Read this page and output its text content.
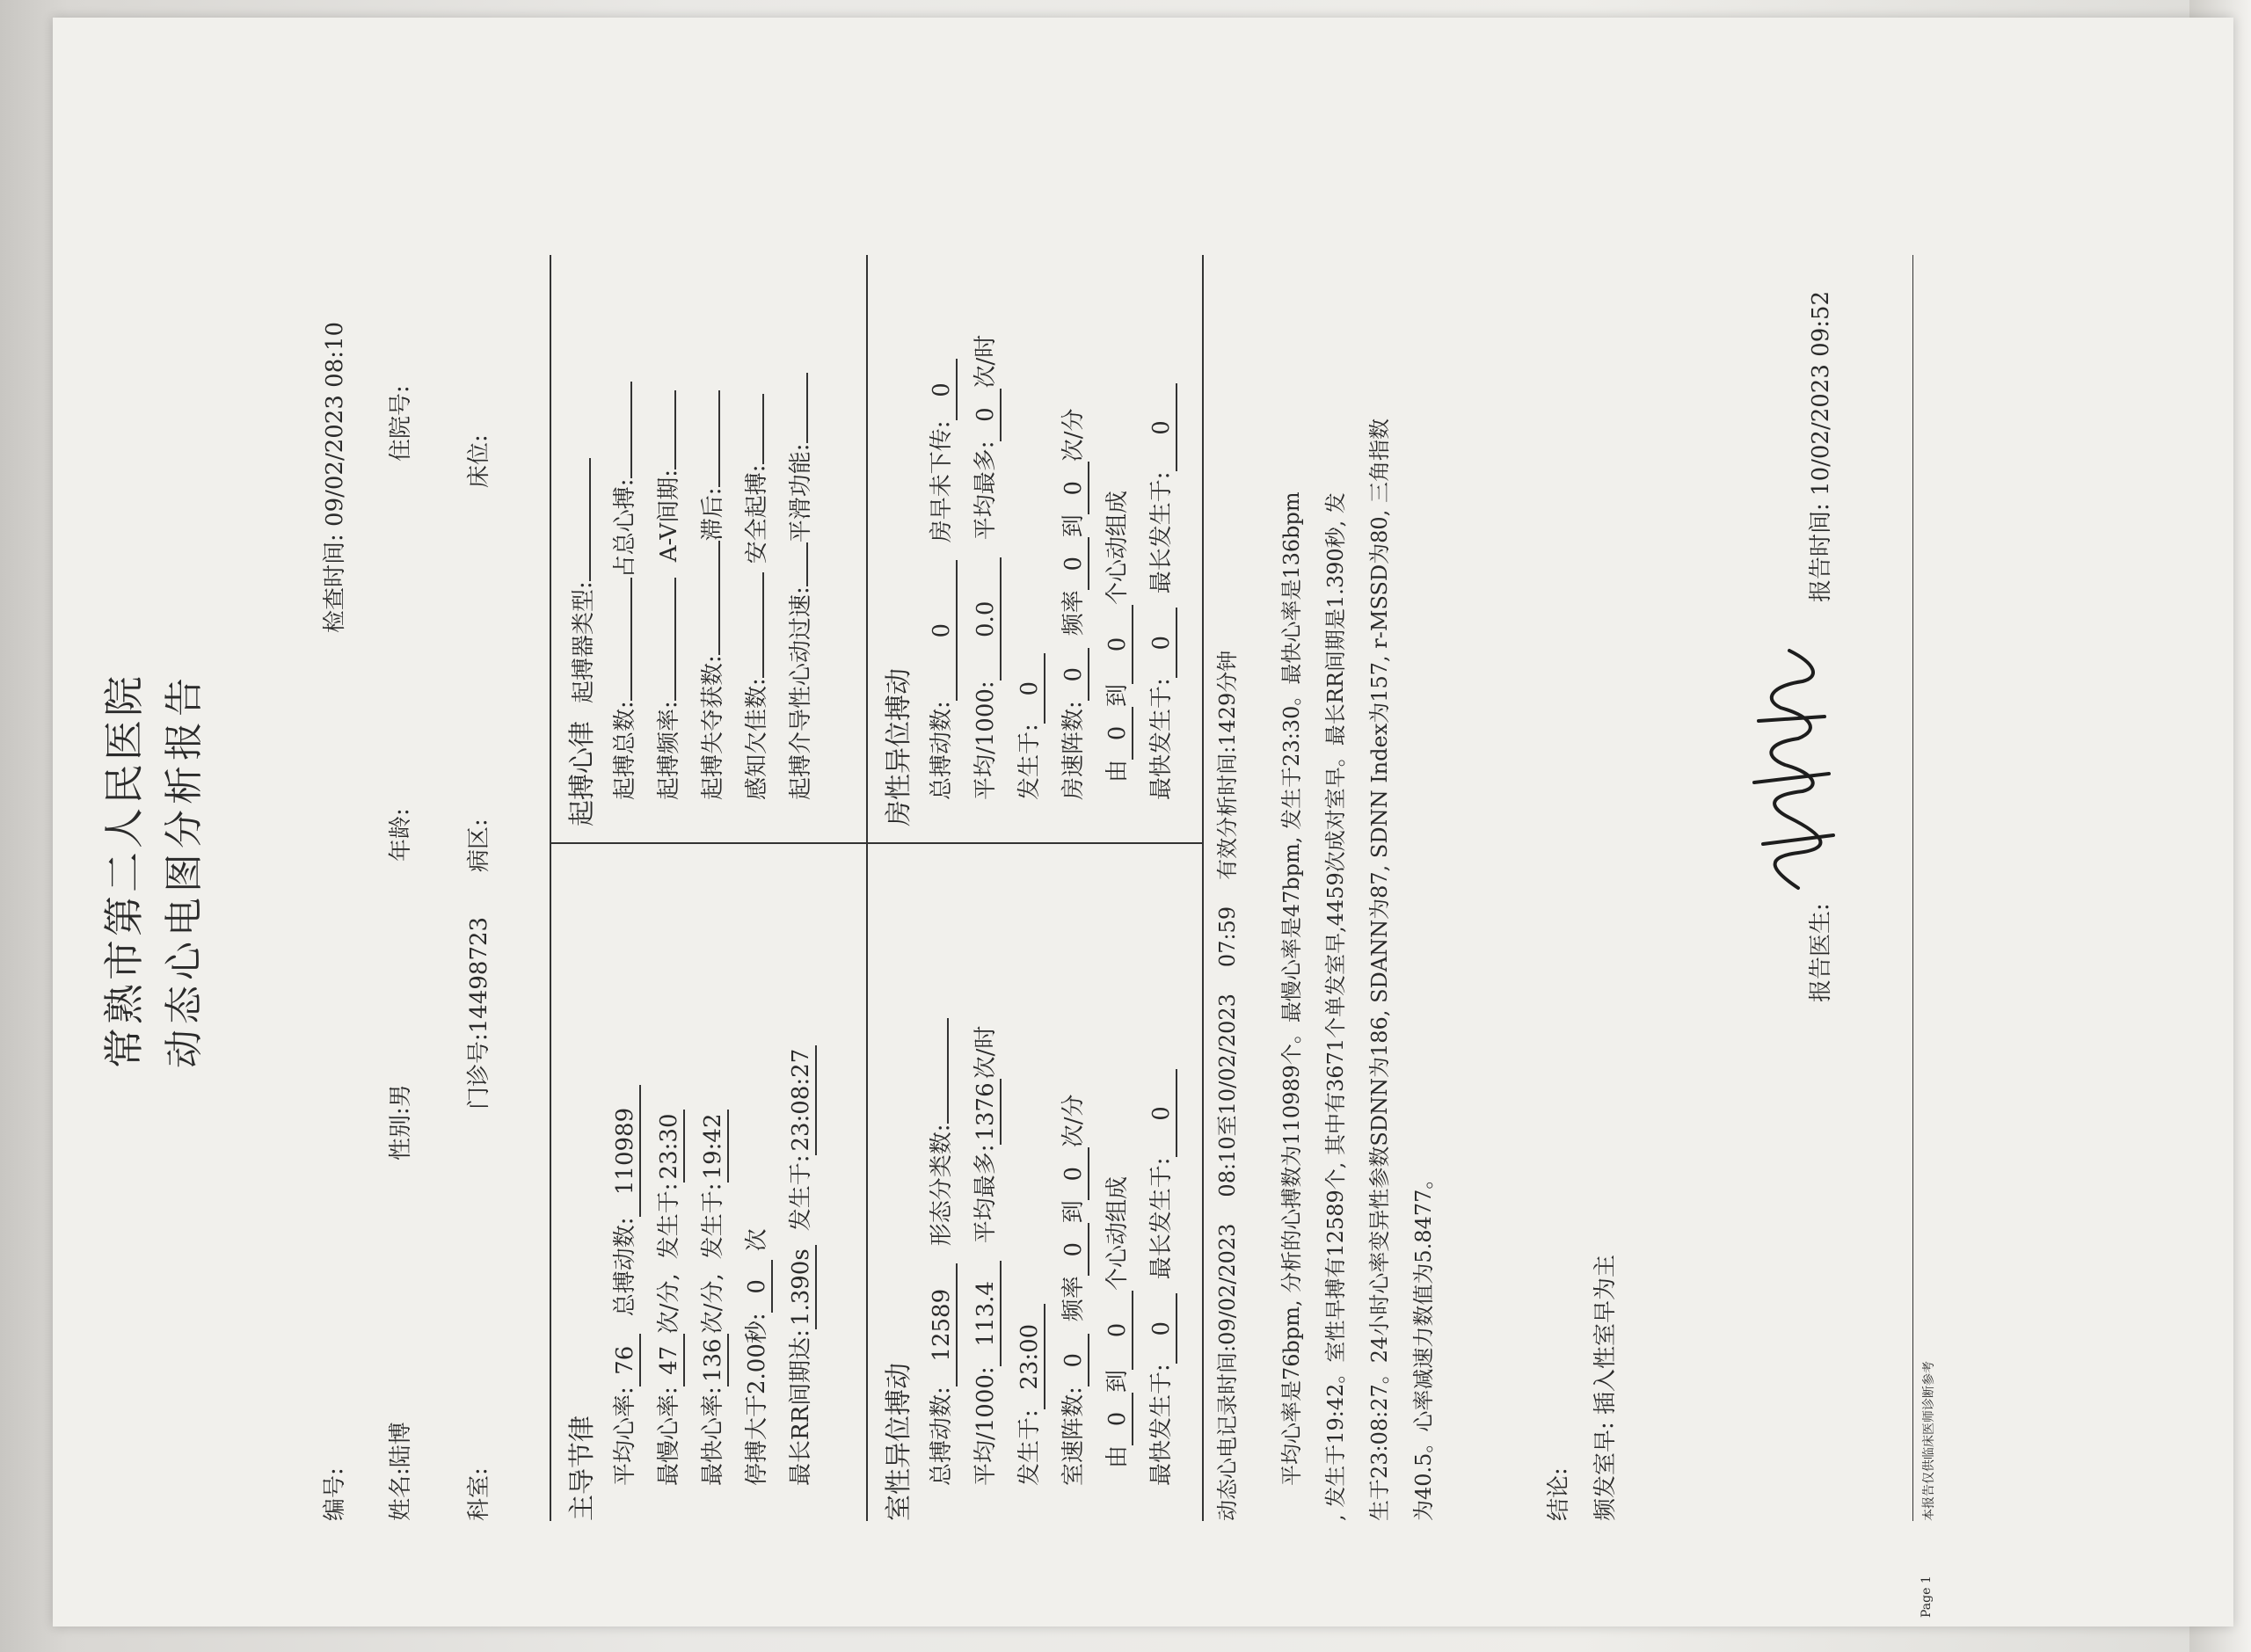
常熟市第二人民医院 动态心电图分析报告
编号:
检查时间: 09/02/2023 08:10
姓名:陆博
性别:男
年龄:
住院号:
科室:
门诊号:14498723
病区:
床位:
主导节律 平均心率:76总搏动数:110989
最慢心率:47次/分,发生于:23:30
最快心率:136次/分,发生于:19:42
停搏大于2.00秒:0次
最长RR间期达:1.390s发生于:23:08:27
起搏心律起搏器类型:
起搏总数:占总心搏:
起搏频率:A-V间期:
起搏失夺获数:滞后:
感知欠佳数:安全起搏:
起搏介导性心动过速:平滑功能:
室性异位搏动 总搏动数:12589形态分类数:
平均/1000:113.4平均最多:1376次/时
发生于:23:00
室速阵数:0频率0到0次/分
由0到0个心动组成
最快发生于:0最长发生于:0
房性异位搏动 总搏动数:0房早未下传:0
平均/1000:0.0平均最多:0次/时
发生于:0
房速阵数:0频率0到0次/分
由0到0个心动组成
最快发生于:0最长发生于:0
动态心电记录时间:09/02/202308:10至10/02/202307:59有效分析时间:1429分钟	平均心率是76bpm, 分析的心搏数为110989个。最慢心率是47bpm, 发生于23:30。最快心率是136bpm , 发生于19:42。室性早搏有12589个, 其中有3671个单发室早,4459次成对室早。最长RR间期是1.390秒, 发 生于23:08:27。24小时心率变异性参数SDNN为186, SDANN为87, SDNN Index为157, r-MSSD为80, 三角指数 为40.5。心率减速力数值为5.8477。	结论: 频发室早: 插入性室早为主
报告医生:
报告时间: 10/02/2023 09:52
本报告仅供临床医师诊断参考
Page 1
